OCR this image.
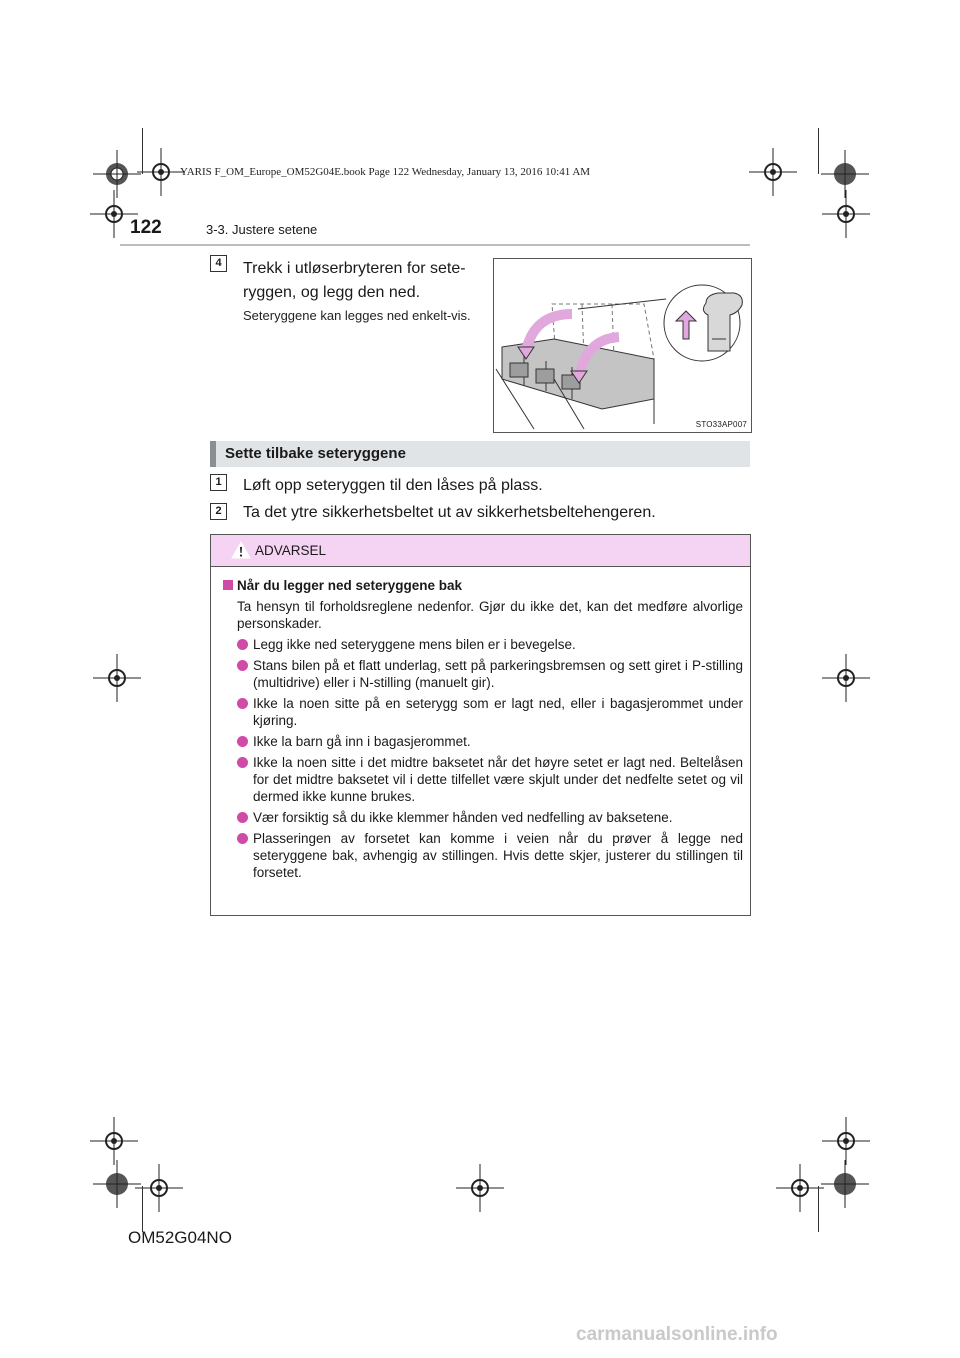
YARIS F_OM_Europe_OM52G04E.book Page 122 Wednesday, January 13, 2016 10:41 AM
122	3-3. Justere setene
4	Trekk i utløserbryteren for sete-ryggen, og legg den ned.
Seteryggene kan legges ned enkelt-vis.
STO33AP007
Sette tilbake seteryggene
1	Løft opp seteryggen til den låses på plass.
2	Ta det ytre sikkerhetsbeltet ut av sikkerhetsbeltehengeren.
ADVARSEL
Når du legger ned seteryggene bak
Ta hensyn til forholdsreglene nedenfor. Gjør du ikke det, kan det medføre alvorlige personskader.
Legg ikke ned seteryggene mens bilen er i bevegelse.
Stans bilen på et flatt underlag, sett på parkeringsbremsen og sett giret i P-stilling (multidrive) eller i N-stilling (manuelt gir).
Ikke la noen sitte på en seterygg som er lagt ned, eller i bagasjerommet under kjøring.
Ikke la barn gå inn i bagasjerommet.
Ikke la noen sitte i det midtre baksetet når det høyre setet er lagt ned. Beltelåsen for det midtre baksetet vil i dette tilfellet være skjult under det nedfelte setet og vil dermed ikke kunne brukes.
Vær forsiktig så du ikke klemmer hånden ved nedfelling av baksetene.
Plasseringen av forsetet kan komme i veien når du prøver å legge ned seteryggene bak, avhengig av stillingen. Hvis dette skjer, justerer du stillingen til forsetet.
OM52G04NO
carmanualsonline.info
